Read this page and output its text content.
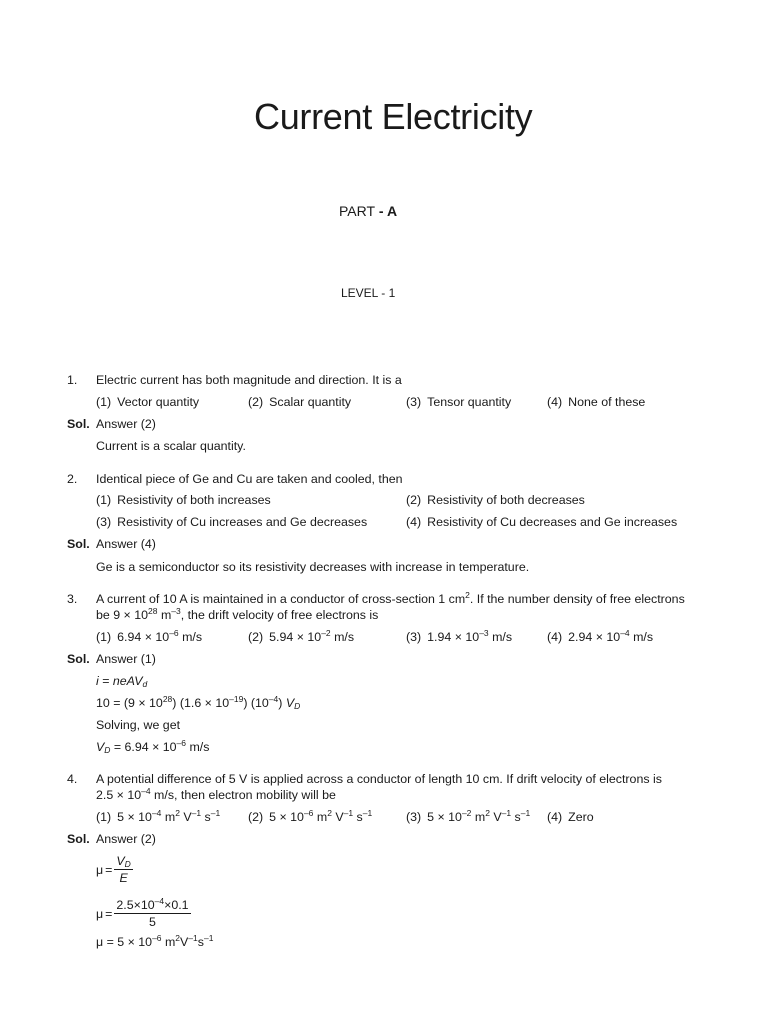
Current Electricity
PART - A
LEVEL - 1
1. Electric current has both magnitude and direction. It is a
(1) Vector quantity	(2) Scalar quantity	(3) Tensor quantity	(4) None of these
Sol. Answer (2)
Current is a scalar quantity.
2. Identical piece of Ge and Cu are taken and cooled, then
(1) Resistivity of both increases	(2) Resistivity of both decreases
(3) Resistivity of Cu increases and Ge decreases	(4) Resistivity of Cu decreases and Ge increases
Sol. Answer (4)
Ge is a semiconductor so its resistivity decreases with increase in temperature.
3. A current of 10 A is maintained in a conductor of cross-section 1 $cm^2$. If the number density of free electrons
be $9 \times 10^{28}$ $m^{-3}$, the drift velocity of free electrons is
(1) $6.94 \times 10^{-6}$ m/s	(2) $5.94 \times 10^{-2}$ m/s	(3) $1.94 \times 10^{-3}$ m/s	(4) $2.94 \times 10^{-4}$ m/s
Sol. Answer (1)
i = neAV$_d$
$10 = (9 \times 10^{28})$ $(1.6 \times 10^{-19})$ $(10^{-4})$ $V_D$
Solving, we get
$V_D = 6.94 \times 10^{-6}$ m/s
4. A potential difference of 5 V is applied across a conductor of length 10 cm. If drift velocity of electrons is
$2.5 \times 10^{-4}$ m/s, then electron mobility will be
(1) $5 \times 10^{-4}$ $m^2$ $V^{-1}$ $s^{-1}$ (2) $5 \times 10^{-6}$ $m^2$ $V^{-1}$ $s^{-1}$	(3) $5 \times 10^{-2}$ $m^2$ $V^{-1}$ $s^{-1}$ (4) Zero
Sol. Answer (2)
$\mu= \frac{V_D}{E}$
$\mu= \frac{2.5\times 10^{-4}\times 0.1}{5}$
$\mu = 5 \times 10^{-6}$ $m^2V^{-1}s^{-1}$
